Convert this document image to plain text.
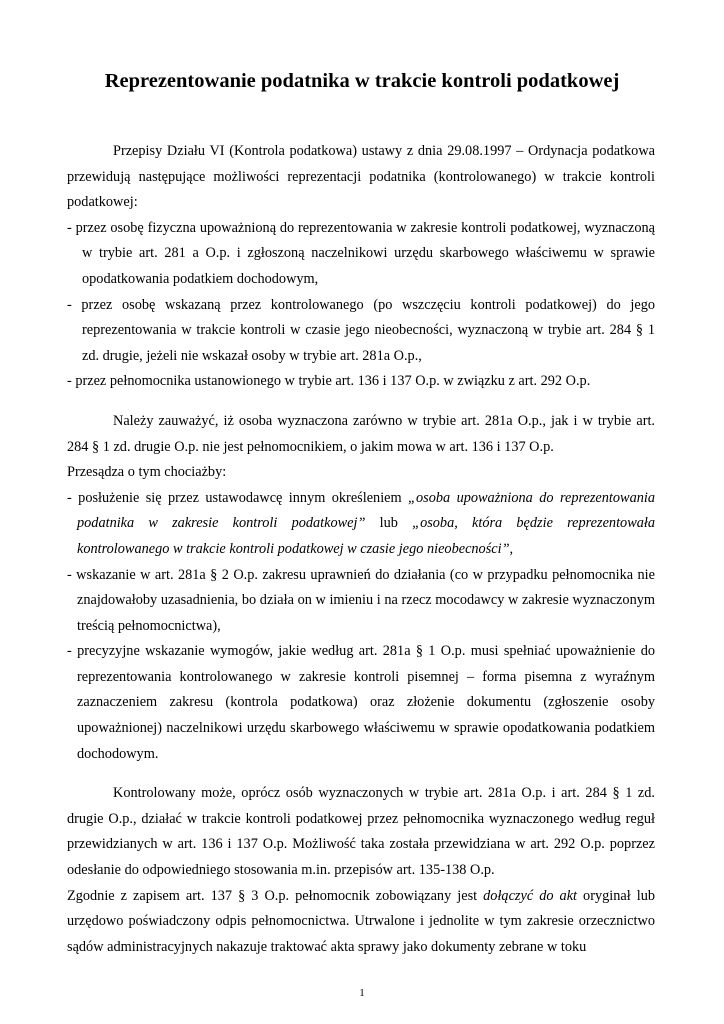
Reprezentowanie podatnika w trakcie kontroli podatkowej

Przepisy Działu VI (Kontrola podatkowa) ustawy z dnia 29.08.1997 – Ordynacja podatkowa przewidują następujące możliwości reprezentacji podatnika (kontrolowanego) w trakcie kontroli podatkowej:

- przez osobę fizyczna upoważnioną do reprezentowania w zakresie kontroli podatkowej, wyznaczoną w trybie art. 281 a O.p. i zgłoszoną naczelnikowi urzędu skarbowego właściwemu w sprawie opodatkowania podatkiem dochodowym,

- przez osobę wskazaną przez kontrolowanego (po wszczęciu kontroli podatkowej) do jego reprezentowania w trakcie kontroli w czasie jego nieobecności, wyznaczoną w trybie art. 284 § 1 zd. drugie, jeżeli nie wskazał osoby w trybie art. 281a O.p.,

- przez pełnomocnika ustanowionego w trybie art. 136 i 137 O.p. w związku z art. 292 O.p.

Należy zauważyć, iż osoba wyznaczona zarówno w trybie art. 281a O.p., jak i w trybie art. 284 § 1 zd. drugie O.p. nie jest pełnomocnikiem, o jakim mowa w art. 136 i 137 O.p.

Przesądza o tym chociażby:

- posłużenie się przez ustawodawcę innym określeniem „osoba upoważniona do reprezentowania podatnika w zakresie kontroli podatkowej” lub „osoba, która będzie reprezentowała kontrolowanego w trakcie kontroli podatkowej w czasie jego nieobecności”,

- wskazanie w art. 281a § 2 O.p. zakresu uprawnień do działania (co w przypadku pełnomocnika nie znajdowałoby uzasadnienia, bo działa on w imieniu i na rzecz mocodawcy w zakresie wyznaczonym treścią pełnomocnictwa),

- precyzyjne wskazanie wymogów, jakie według art. 281a § 1 O.p. musi spełniać upoważnienie do reprezentowania kontrolowanego w zakresie kontroli pisemnej – forma pisemna z wyraźnym zaznaczeniem zakresu (kontrola podatkowa) oraz złożenie dokumentu (zgłoszenie osoby upoważnionej) naczelnikowi urzędu skarbowego właściwemu w sprawie opodatkowania podatkiem dochodowym.

Kontrolowany może, oprócz osób wyznaczonych w trybie art. 281a O.p. i art. 284 § 1 zd. drugie O.p., działać w trakcie kontroli podatkowej przez pełnomocnika wyznaczonego według reguł przewidzianych w art. 136 i 137 O.p. Możliwość taka została przewidziana w art. 292 O.p. poprzez odesłanie do odpowiedniego stosowania m.in. przepisów art. 135-138 O.p.

Zgodnie z zapisem art. 137 § 3 O.p. pełnomocnik zobowiązany jest dołączyć do akt oryginał lub urzędowo poświadczony odpis pełnomocnictwa. Utrwalone i jednolite w tym zakresie orzecznictwo sądów administracyjnych nakazuje traktować akta sprawy jako dokumenty zebrane w toku

1
